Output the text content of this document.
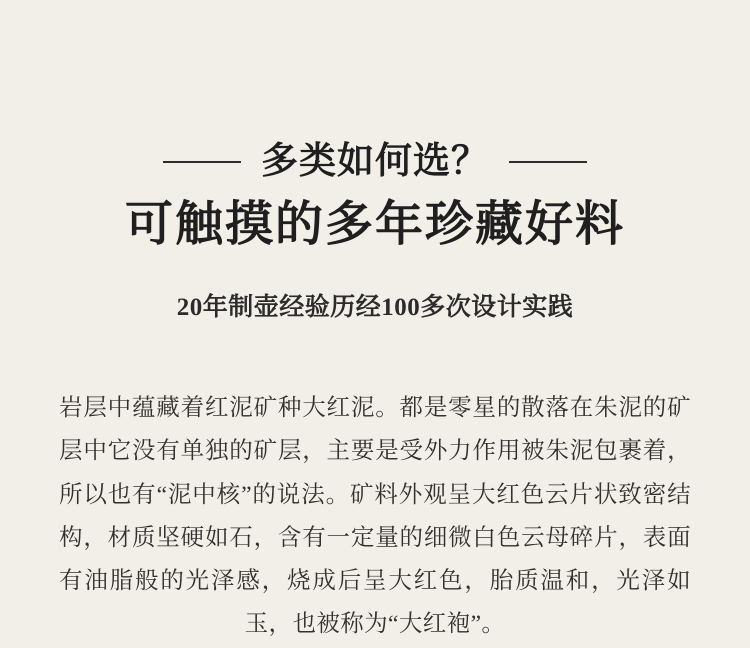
多类如何选？
可触摸的多年珍藏好料
20年制壶经验历经100多次设计实践

岩层中蕴藏着红泥矿种大红泥。都是零星的散落在朱泥的矿层中它没有单独的矿层，主要是受外力作用被朱泥包裹着，所以也有“泥中核”的说法。矿料外观呈大红色云片状致密结构，材质坚硬如石，含有一定量的细微白色云母碎片，表面有油脂般的光泽感，烧成后呈大红色，胎质温和，光泽如玉，也被称为“大红袍”。
